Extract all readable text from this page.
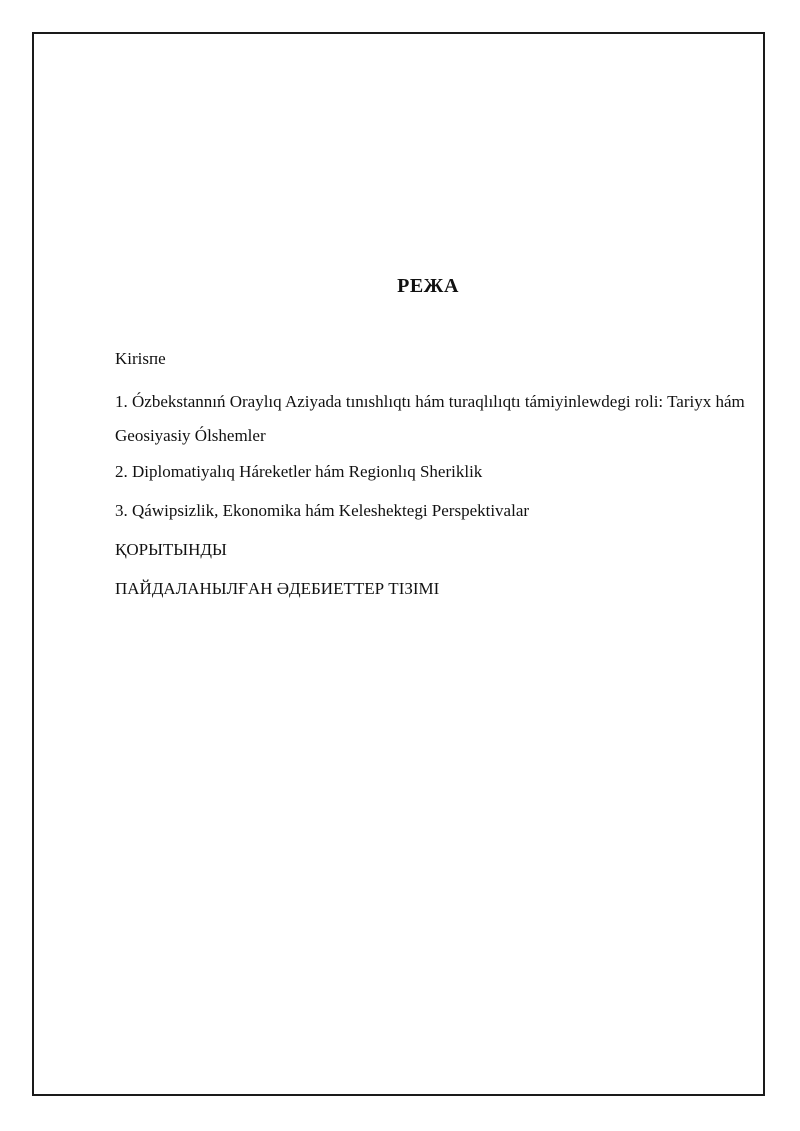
РЕЖА
Kirisпe
1. Ózbekstannıń Oraylıq Aziyada tınıshlıqtı hám turaqlılıqtı támiyinlewdegi roli: Tariyx hám Geosiyasiy Ólshemler
2. Diplomatiyalıq Háreketler hám Regionlıq Sheriklik
3. Qáwipsizlik, Ekonomika hám Keleshektegi Perspektivalar
ҚОРЫТЫНДЫ
ПАЙДАЛАНЫЛҒАН ӘДЕБИЕТТЕР ТІЗІМІ
